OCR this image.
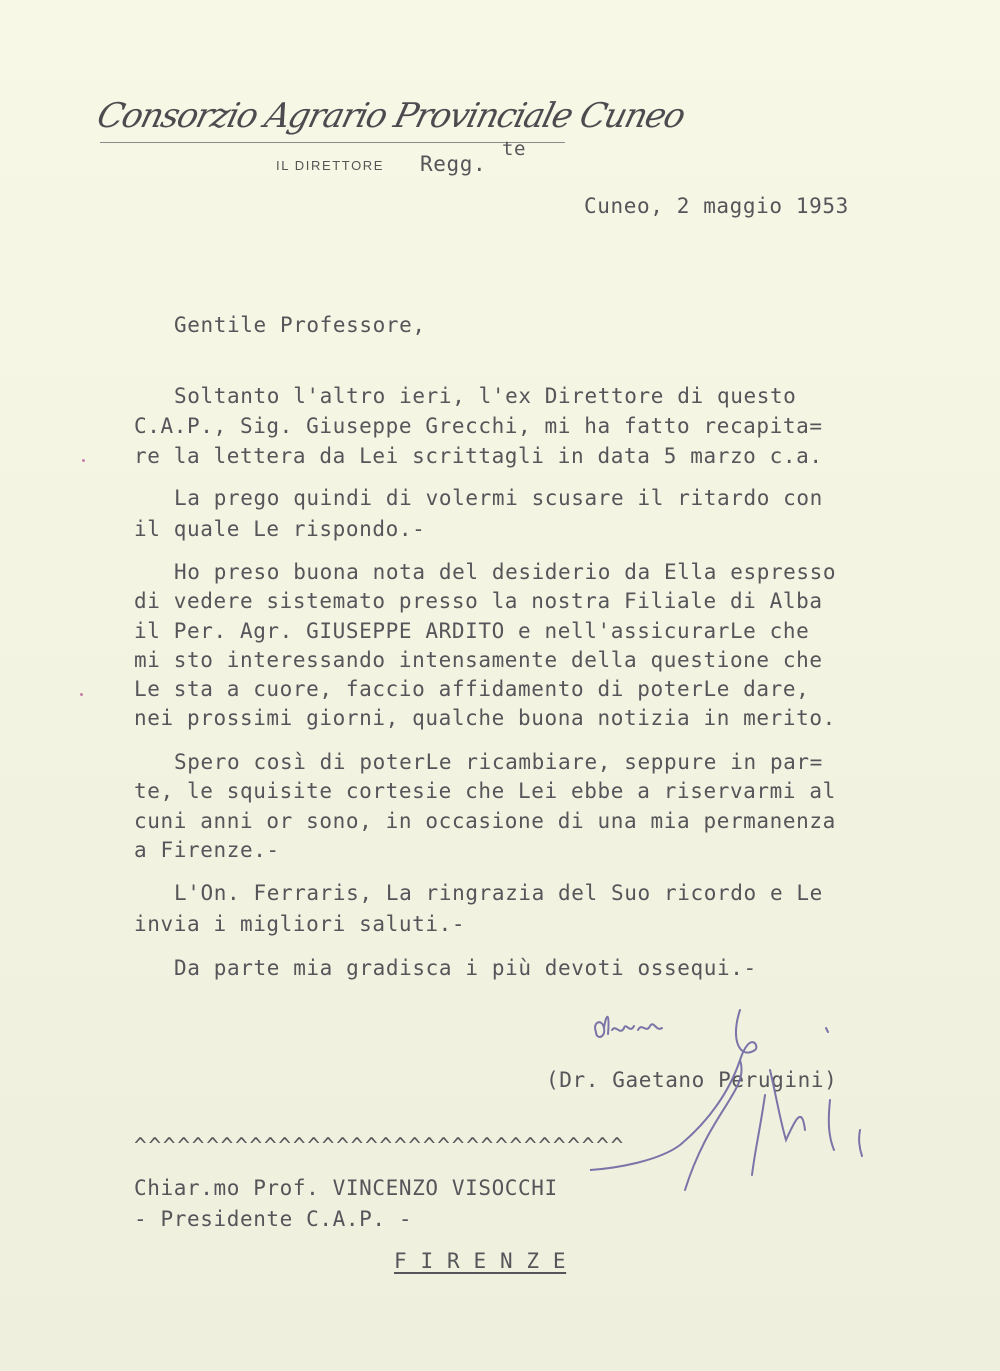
Consorzio Agrario Provinciale Cuneo
IL DIRETTORE Regg.
te
Cuneo, 2 maggio 1953
Gentile Professore,
Soltanto l'altro ieri, l'ex Direttore di questo
C.A.P., Sig. Giuseppe Grecchi, mi ha fatto recapita=
re la lettera da Lei scrittagli in data 5 marzo c.a.
La prego quindi di volermi scusare il ritardo con
il quale Le rispondo.-
Ho preso buona nota del desiderio da Ella espresso
di vedere sistemato presso la nostra Filiale di Alba
il Per. Agr. GIUSEPPE ARDITO e nell'assicurarLe che
mi sto interessando intensamente della questione che
Le sta a cuore, faccio affidamento di poterLe dare,
nei prossimi giorni, qualche buona notizia in merito.
Spero così di poterLe ricambiare, seppure in par=
te, le squisite cortesie che Lei ebbe a riservarmi al
cuni anni or sono, in occasione di una mia permanenza
a Firenze.-
L'On. Ferraris, La ringrazia del Suo ricordo e Le
invia i migliori saluti.-
Da parte mia gradisca i più devoti ossequi.-
(Dr. Gaetano Perugini)
^^^^^^^^^^^^^^^^^^^^^^^^^^^^^^^^^^
Chiar.mo Prof. VINCENZO VISOCCHI
- Presidente C.A.P. -
F I R E N Z E
